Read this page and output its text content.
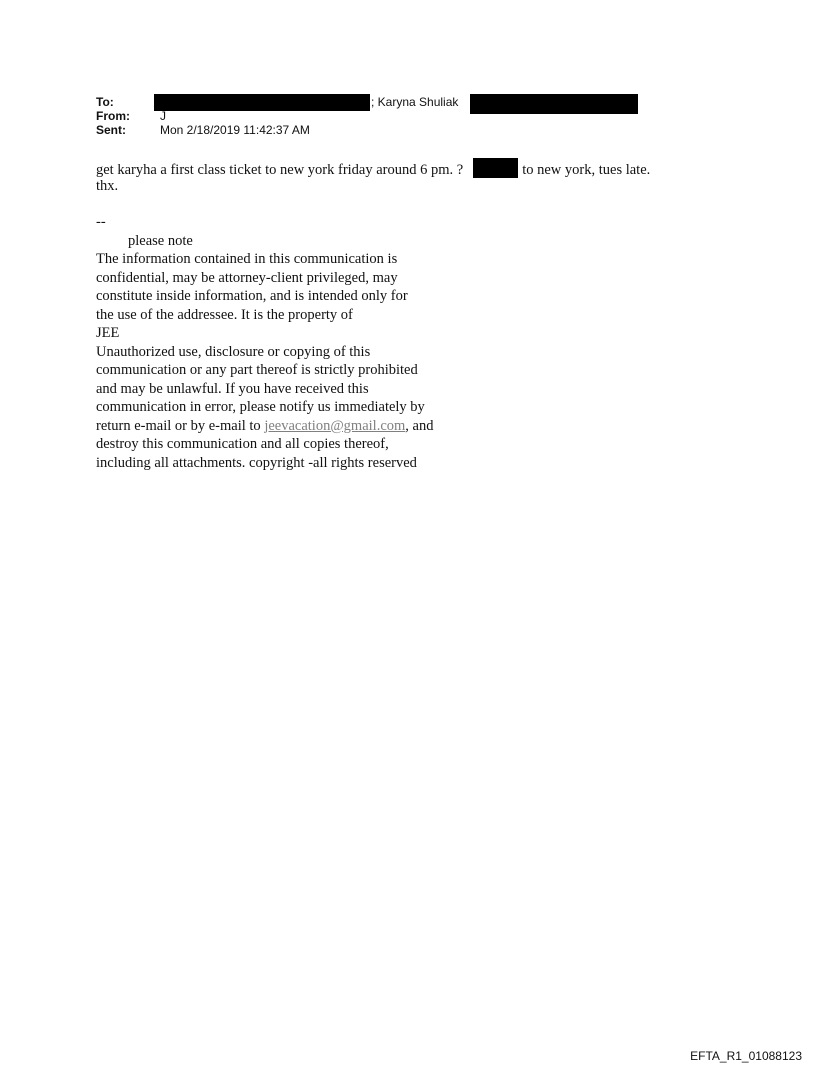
To:	; Karyna Shuliak
From:	J
Sent:	Mon 2/18/2019 11:42:37 AM
get karyha a first class ticket to new york friday around 6 pm. ?	to new york, tues late.
thx.
--
please note
The information contained in this communication is
confidential, may be attorney-client privileged, may
constitute inside information, and is intended only for
the use of the addressee. It is the property of
JEE
Unauthorized use, disclosure or copying of this
communication or any part thereof is strictly prohibited
and may be unlawful. If you have received this
communication in error, please notify us immediately by
return e-mail or by e-mail to jeevacation@gmail.com, and
destroy this communication and all copies thereof,
including all attachments. copyright -all rights reserved
EFTA_R1_01088123
